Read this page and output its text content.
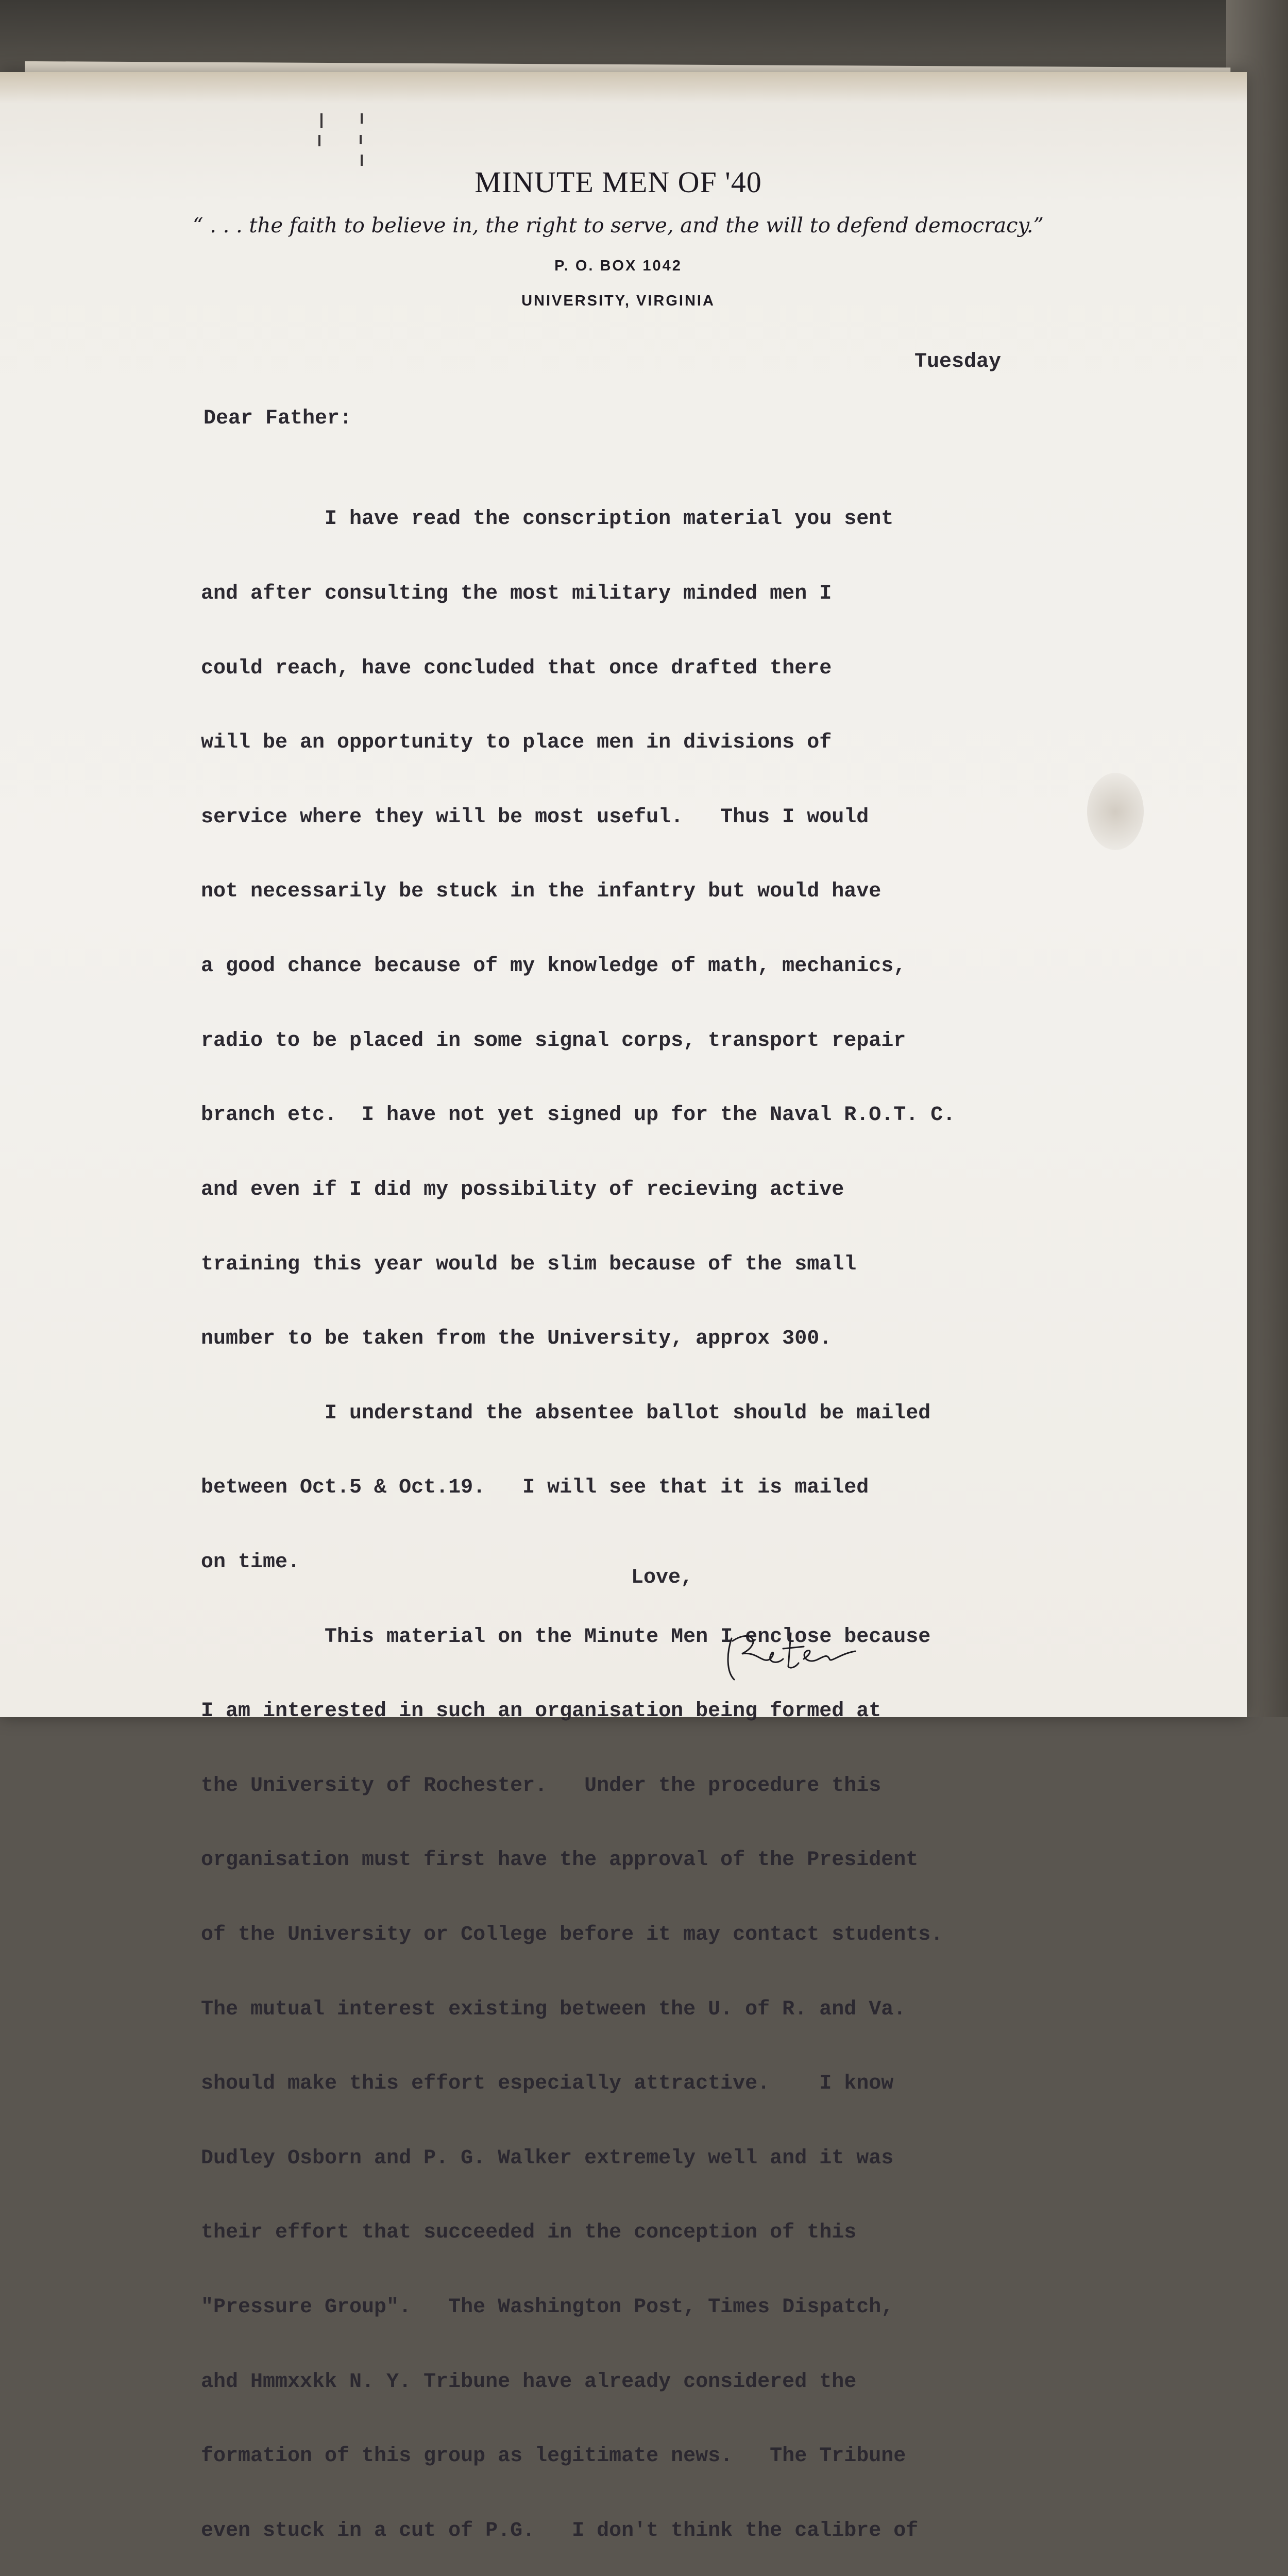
MINUTE MEN OF '40
“ . . . the faith to believe in, the right to serve, and the will to defend democracy.”
P. O. BOX 1042
UNIVERSITY, VIRGINIA
Tuesday
Dear Father:

I have read the conscription material you sent

and after consulting the most military minded men I

could reach, have concluded that once drafted there

will be an opportunity to place men in divisions of

service where they will be most useful.   Thus I would

not necessarily be stuck in the infantry but would have

a good chance because of my knowledge of math, mechanics,

radio to be placed in some signal corps, transport repair

branch etc.  I have not yet signed up for the Naval R.O.T. C.

and even if I did my possibility of recieving active

training this year would be slim because of the small

number to be taken from the University, approx 300.

I understand the absentee ballot should be mailed

between Oct.5 & Oct.19.   I will see that it is mailed

on time.

This material on the Minute Men I enclose because

I am interested in such an organisation being formed at

the University of Rochester.   Under the procedure this

organisation must first have the approval of the President

of the University or College before it may contact students.

The mutual interest existing between the U. of R. and Va.

should make this effort especially attractive.    I know

Dudley Osborn and P. G. Walker extremely well and it was

their effort that succeeded in the conception of this

"Pressure Group".   The Washington Post, Times Dispatch,

ahd Hmmxxkk N. Y. Tribune have already considered the

formation of this group as legitimate news.   The Tribune

even stuck in a cut of P.G.   I don't think the calibre of

Love,
